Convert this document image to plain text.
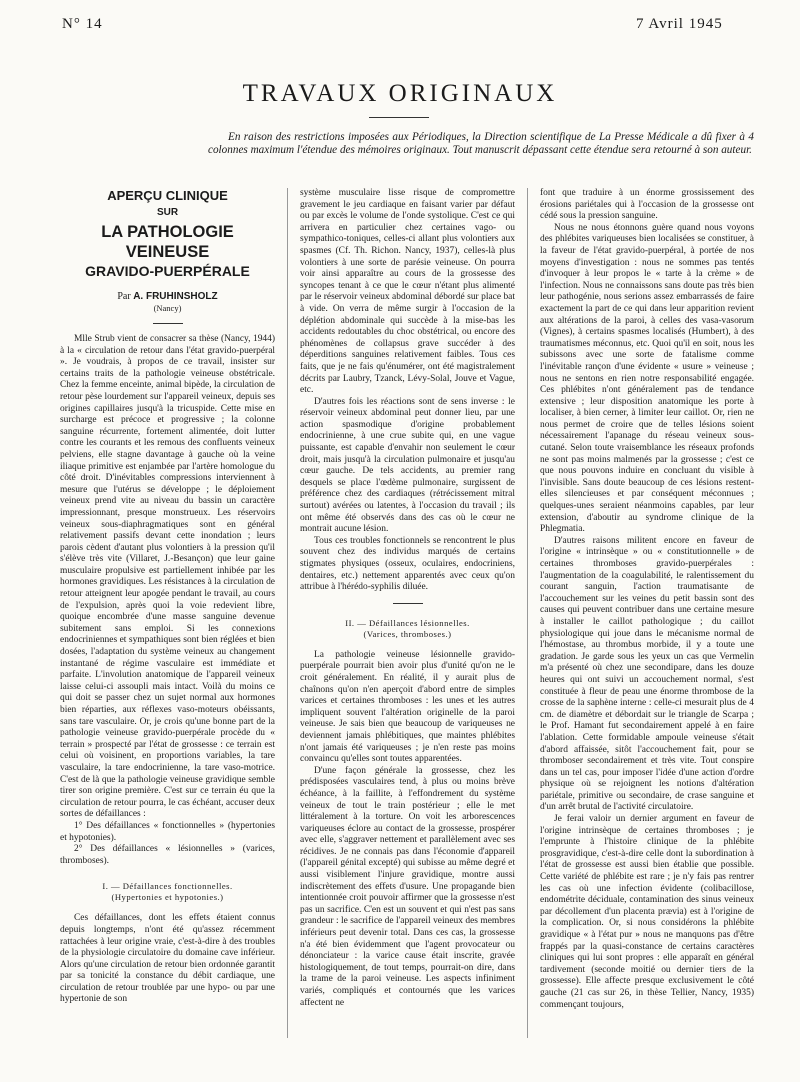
N° 14	7 Avril 1945
TRAVAUX ORIGINAUX

En raison des restrictions imposées aux Périodiques, la Direction scientifique de La Presse Médicale a dû fixer à 4 colonnes maximum l'étendue des mémoires originaux. Tout manuscrit dépassant cette étendue sera retourné à son auteur.

APERÇU CLINIQUE
SUR
LA PATHOLOGIE VEINEUSE
GRAVIDO-PUERPÉRALE
Par A. FRUHINSHOLZ
(Nancy)

Mlle Strub vient de consacrer sa thèse (Nancy, 1944) à la « circulation de retour dans l'état gravido-puerpéral ». Je voudrais, à propos de ce travail, insister sur certains traits de la pathologie veineuse obstétricale. Chez la femme enceinte, animal bipède, la circulation de retour pèse lourdement sur l'appareil veineux, depuis ses origines capillaires jusqu'à la tricuspide. Cette mise en surcharge est précoce et progressive ; la colonne sanguine récurrente, fortement alimentée, doit lutter contre les courants et les remous des confluents veineux pelviens, elle stagne davantage à gauche où la veine iliaque primitive est enjambée par l'artère homologue du côté droit. D'inévitables compressions interviennent à mesure que l'utérus se développe ; le déploiement veineux prend vite au niveau du bassin un caractère impressionnant, presque monstrueux. Les réservoirs veineux sous-diaphragmatiques sont en général relativement passifs devant cette inondation ; leurs parois cèdent d'autant plus volontiers à la pression qu'il s'élève très vite (Villaret, J.-Besançon) que leur gaine musculaire propulsive est partiellement inhibée par les hormones gravidiques. Les résistances à la circulation de retour atteignent leur apogée pendant le travail, au cours de l'expulsion, après quoi la voie redevient libre, quoique encombrée d'une masse sanguine devenue subitement sans emploi. Si les connexions endocriniennes et sympathiques sont bien réglées et bien dosées, l'adaptation du système veineux au changement instantané de régime vasculaire est immédiate et parfaite. L'involution anatomique de l'appareil veineux laisse celui-ci assoupli mais intact. Voilà du moins ce qui doit se passer chez un sujet normal aux hormones bien réparties, aux réflexes vaso-moteurs obéissants, sans tare vasculaire. Or, je crois qu'une bonne part de la pathologie veineuse gravido-puerpérale procède du « terrain » prospecté par l'état de grossesse : ce terrain est celui où voisinent, en proportions variables, la tare vasculaire, la tare endocrinienne, la tare vaso-motrice. C'est de là que la pathologie veineuse gravidique semble tirer son origine première. C'est sur ce terrain éu que la circulation de retour pourra, le cas échéant, accuser deux sortes de défaillances :

1° Des défaillances « fonctionnelles » (hypertonies et hypotonies).

2° Des défaillances « lésionnelles » (varices, thromboses).

I. — Défaillances fonctionnelles.
(Hypertonies et hypotonies.)

Ces défaillances, dont les effets étaient connus depuis longtemps, n'ont été qu'assez récemment rattachées à leur origine vraie, c'est-à-dire à des troubles de la physiologie circulatoire du domaine cave inférieur. Alors qu'une circulation de retour bien ordonnée garantit par sa tonicité la constance du débit cardiaque, une circulation de retour troublée par une hypo- ou par une hypertonie de son

système musculaire lisse risque de compromettre gravement le jeu cardiaque en faisant varier par défaut ou par excès le volume de l'onde systolique. C'est ce qui arrivera en particulier chez certaines vago- ou sympathico-toniques, celles-ci allant plus volontiers aux spasmes (Cf. Th. Richon. Nancy, 1937), celles-là plus volontiers à une sorte de parésie veineuse. On pourra voir ainsi apparaître au cours de la grossesse des syncopes tenant à ce que le cœur n'étant plus alimenté par le réservoir veineux abdominal débordé sur place bat à vide. On verra de même surgir à l'occasion de la déplétion abdominale qui succède à la mise-bas les accidents redoutables du choc obstétrical, ou encore des phénomènes de collapsus grave succéder à des déperditions sanguines relativement faibles. Tous ces faits, que je ne fais qu'énumérer, ont été magistralement décrits par Laubry, Tzanck, Lévy-Solal, Jouve et Vague, etc.

D'autres fois les réactions sont de sens inverse : le réservoir veineux abdominal peut donner lieu, par une action spasmodique d'origine probablement endocrinienne, à une crue subite qui, en une vague puissante, est capable d'envahir non seulement le cœur droit, mais jusqu'à la circulation pulmonaire et jusqu'au cœur gauche. De tels accidents, au premier rang desquels se place l'œdème pulmonaire, surgissent de préférence chez des cardiaques (rétrécissement mitral surtout) avérées ou latentes, à l'occasion du travail ; ils ont même été observés dans des cas où le cœur ne montrait aucune lésion.

Tous ces troubles fonctionnels se rencontrent le plus souvent chez des individus marqués de certains stigmates physiques (osseux, oculaires, endocriniens, dentaires, etc.) nettement apparentés avec ceux qu'on attribue à l'hérédo-syphilis diluée.

II. — Défaillances lésionnelles.
(Varices, thromboses.)

La pathologie veineuse lésionnelle gravido-puerpérale pourrait bien avoir plus d'unité qu'on ne le croit généralement. En réalité, il y aurait plus de chaînons qu'on n'en aperçoit d'abord entre de simples varices et certaines thromboses : les unes et les autres impliquent souvent l'altération originelle de la paroi veineuse. Je sais bien que beaucoup de variqueuses ne deviennent jamais phlébitiques, que maintes phlébites n'ont jamais été variqueuses ; je n'en reste pas moins convaincu qu'elles sont toutes apparentées.

D'une façon générale la grossesse, chez les prédisposées vasculaires tend, à plus ou moins brève échéance, à la faillite, à l'effondrement du système veineux de tout le train postérieur ; elle le met littéralement à la torture. On voit les arborescences variqueuses éclore au contact de la grossesse, prospérer avec elle, s'aggraver nettement et parallèlement avec ses récidives. Je ne connais pas dans l'économie d'appareil (l'appareil génital excepté) qui subisse au même degré et aussi visiblement l'injure gravidique, montre aussi indiscrètement des effets d'usure. Une propagande bien intentionnée croit pouvoir affirmer que la grossesse n'est pas un sacrifice. C'en est un souvent et qui n'est pas sans grandeur : le sacrifice de l'appareil veineux des membres inférieurs peut devenir total. Dans ces cas, la grossesse n'a été bien évidemment que l'agent provocateur ou dénonciateur : la varice cause était inscrite, gravée histologiquement, de tout temps, pourrait-on dire, dans la trame de la paroi veineuse. Les aspects infiniment variés, compliqués et contournés que les varices affectent ne

font que traduire à un énorme grossissement des érosions pariétales qui à l'occasion de la grossesse ont cédé sous la pression sanguine.

Nous ne nous étonnons guère quand nous voyons des phlébites variqueuses bien localisées se constituer, à la faveur de l'état gravido-puerpéral, à portée de nos moyens d'investigation : nous ne sommes pas tentés d'invoquer à leur propos le « tarte à la crème » de l'infection. Nous ne connaissons sans doute pas très bien leur pathogénie, nous serions assez embarrassés de faire exactement la part de ce qui dans leur apparition revient aux altérations de la paroi, à celles des vasa-vasorum (Vignes), à certains spasmes localisés (Humbert), à des traumatismes méconnus, etc. Quoi qu'il en soit, nous les subissons avec une sorte de fatalisme comme l'inévitable rançon d'une évidente « usure » veineuse ; nous ne sentons en rien notre responsabilité engagée. Ces phlébites n'ont généralement pas de tendance extensive ; leur disposition anatomique les porte à localiser, à bien cerner, à limiter leur caillot. Or, rien ne nous permet de croire que de telles lésions soient nécessairement l'apanage du réseau veineux sous-cutané. Selon toute vraisemblance les réseaux profonds ne sont pas moins malmenés par la grossesse ; c'est ce que nous pouvons induire en concluant du visible à l'invisible. Sans doute beaucoup de ces lésions restent-elles silencieuses et par conséquent méconnues ; quelques-unes seraient néanmoins capables, par leur extension, d'aboutir au syndrome clinique de la Phlegmatia.

D'autres raisons militent encore en faveur de l'origine « intrinsèque » ou « constitutionnelle » de certaines thromboses gravido-puerpérales : l'augmentation de la coagulabilité, le ralentissement du courant sanguin, l'action traumatisante de l'accouchement sur les veines du petit bassin sont des causes qui peuvent contribuer dans une certaine mesure à installer le caillot pathologique ; du caillot physiologique qui joue dans le mécanisme normal de l'hémostase, au thrombus morbide, il y a toute une gradation. Je garde sous les yeux un cas que Vermelin m'a présenté où chez une secondipare, dans les douze heures qui ont suivi un accouchement normal, s'est constituée à fleur de peau une énorme thrombose de la crosse de la saphène interne : celle-ci mesurait plus de 4 cm. de diamètre et débordait sur le triangle de Scarpa ; le Prof. Hamant fut secondairement appelé à en faire l'ablation. Cette formidable ampoule veineuse s'était d'abord affaissée, sitôt l'accouchement fait, pour se thromboser secondairement et très vite. Tout conspire dans un tel cas, pour imposer l'idée d'une action d'ordre physique où se rejoignent les notions d'altération pariétale, primitive ou secondaire, de crase sanguine et d'un arrêt brutal de l'activité circulatoire.

Je ferai valoir un dernier argument en faveur de l'origine intrinsèque de certaines thromboses ; je l'emprunte à l'histoire clinique de la phlébite prosgravidique, c'est-à-dire celle dont la subordination à l'état de grossesse est aussi bien établie que possible. Cette variété de phlébite est rare ; je n'y fais pas rentrer les cas où une infection évidente (colibacillose, endométrite déciduale, contamination des sinus veineux par décollement d'un placenta prævia) est à l'origine de la complication. Or, si nous considérons la phlébite gravidique « à l'état pur » nous ne manquons pas d'être frappés par la quasi-constance de certains caractères cliniques qui lui sont propres : elle apparaît en général tardivement (seconde moitié ou dernier tiers de la grossesse). Elle affecte presque exclusivement le côté gauche (21 cas sur 26, in thèse Tellier, Nancy, 1935) commençant toujours,
